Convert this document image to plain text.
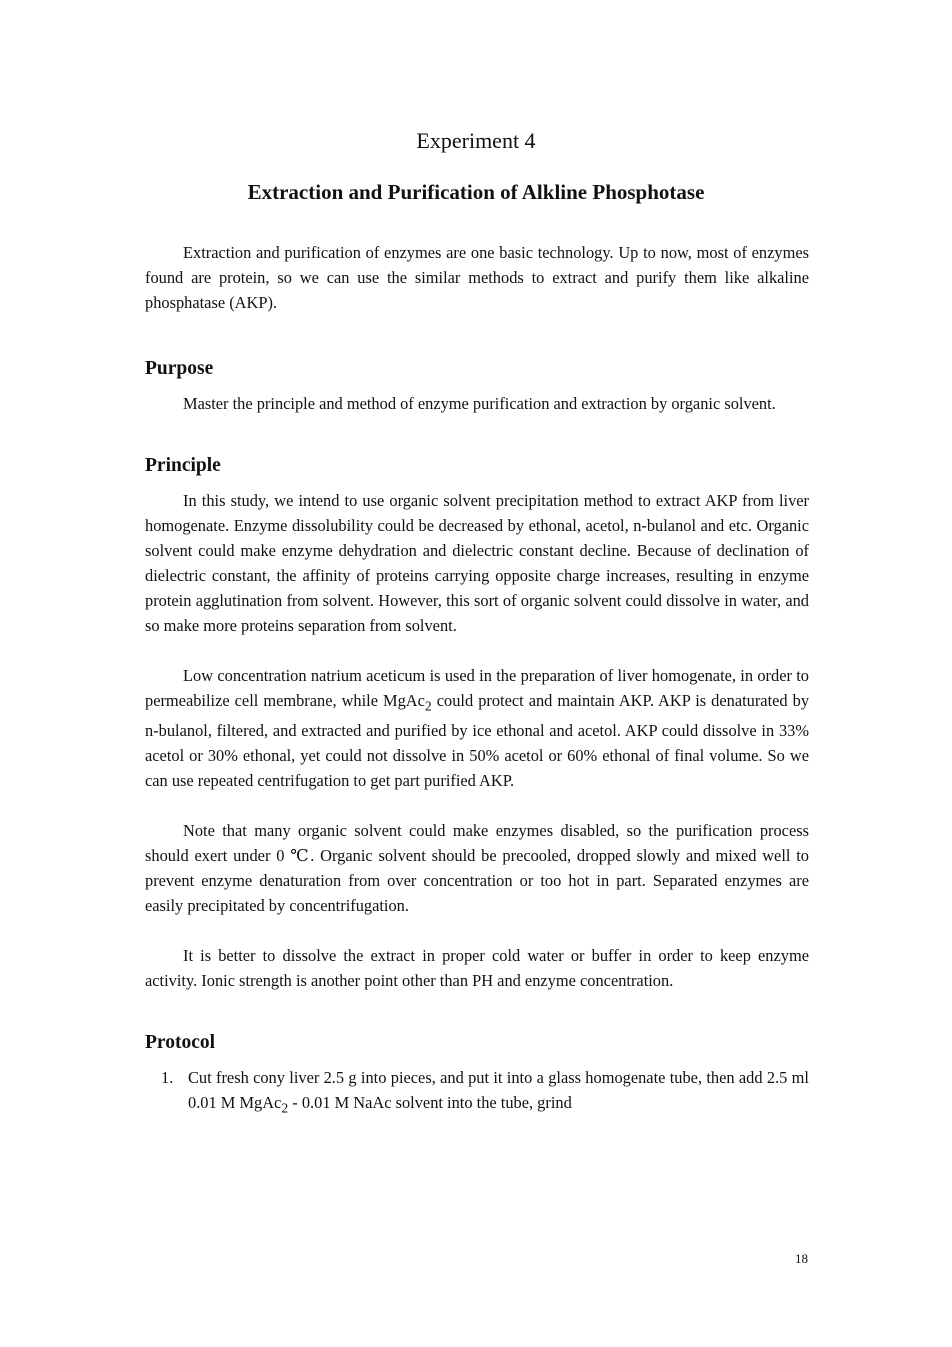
Experiment 4
Extraction and Purification of Alkline Phosphotase

Extraction and purification of enzymes are one basic technology. Up to now, most of enzymes found are protein, so we can use the similar methods to extract and purify them like alkaline phosphatase (AKP).

Purpose

Master the principle and method of enzyme purification and extraction by organic solvent.

Principle

In this study, we intend to use organic solvent precipitation method to extract AKP from liver homogenate. Enzyme dissolubility could be decreased by ethonal, acetol, n-bulanol and etc. Organic solvent could make enzyme dehydration and dielectric constant decline. Because of declination of dielectric constant, the affinity of proteins carrying opposite charge increases, resulting in enzyme protein agglutination from solvent. However, this sort of organic solvent could dissolve in water, and so make more proteins separation from solvent.

Low concentration natrium aceticum is used in the preparation of liver homogenate, in order to permeabilize cell membrane, while MgAc$_2$ could protect and maintain AKP. AKP is denaturated by n-bulanol, filtered, and extracted and purified by ice ethonal and acetol. AKP could dissolve in 33% acetol or 30% ethonal, yet could not dissolve in 50% acetol or 60% ethonal of final volume. So we can use repeated centrifugation to get part purified AKP.

Note that many organic solvent could make enzymes disabled, so the purification process should exert under 0 ℃. Organic solvent should be precooled, dropped slowly and mixed well to prevent enzyme denaturation from over concentration or too hot in part. Separated enzymes are easily precipitated by concentrifugation.

It is better to dissolve the extract in proper cold water or buffer in order to keep enzyme activity. Ionic strength is another point other than PH and enzyme concentration.

Protocol
1. Cut fresh cony liver 2.5 g into pieces, and put it into a glass homogenate tube, then add 2.5 ml 0.01 M MgAc$_2$ - 0.01 M NaAc solvent into the tube, grind
18
